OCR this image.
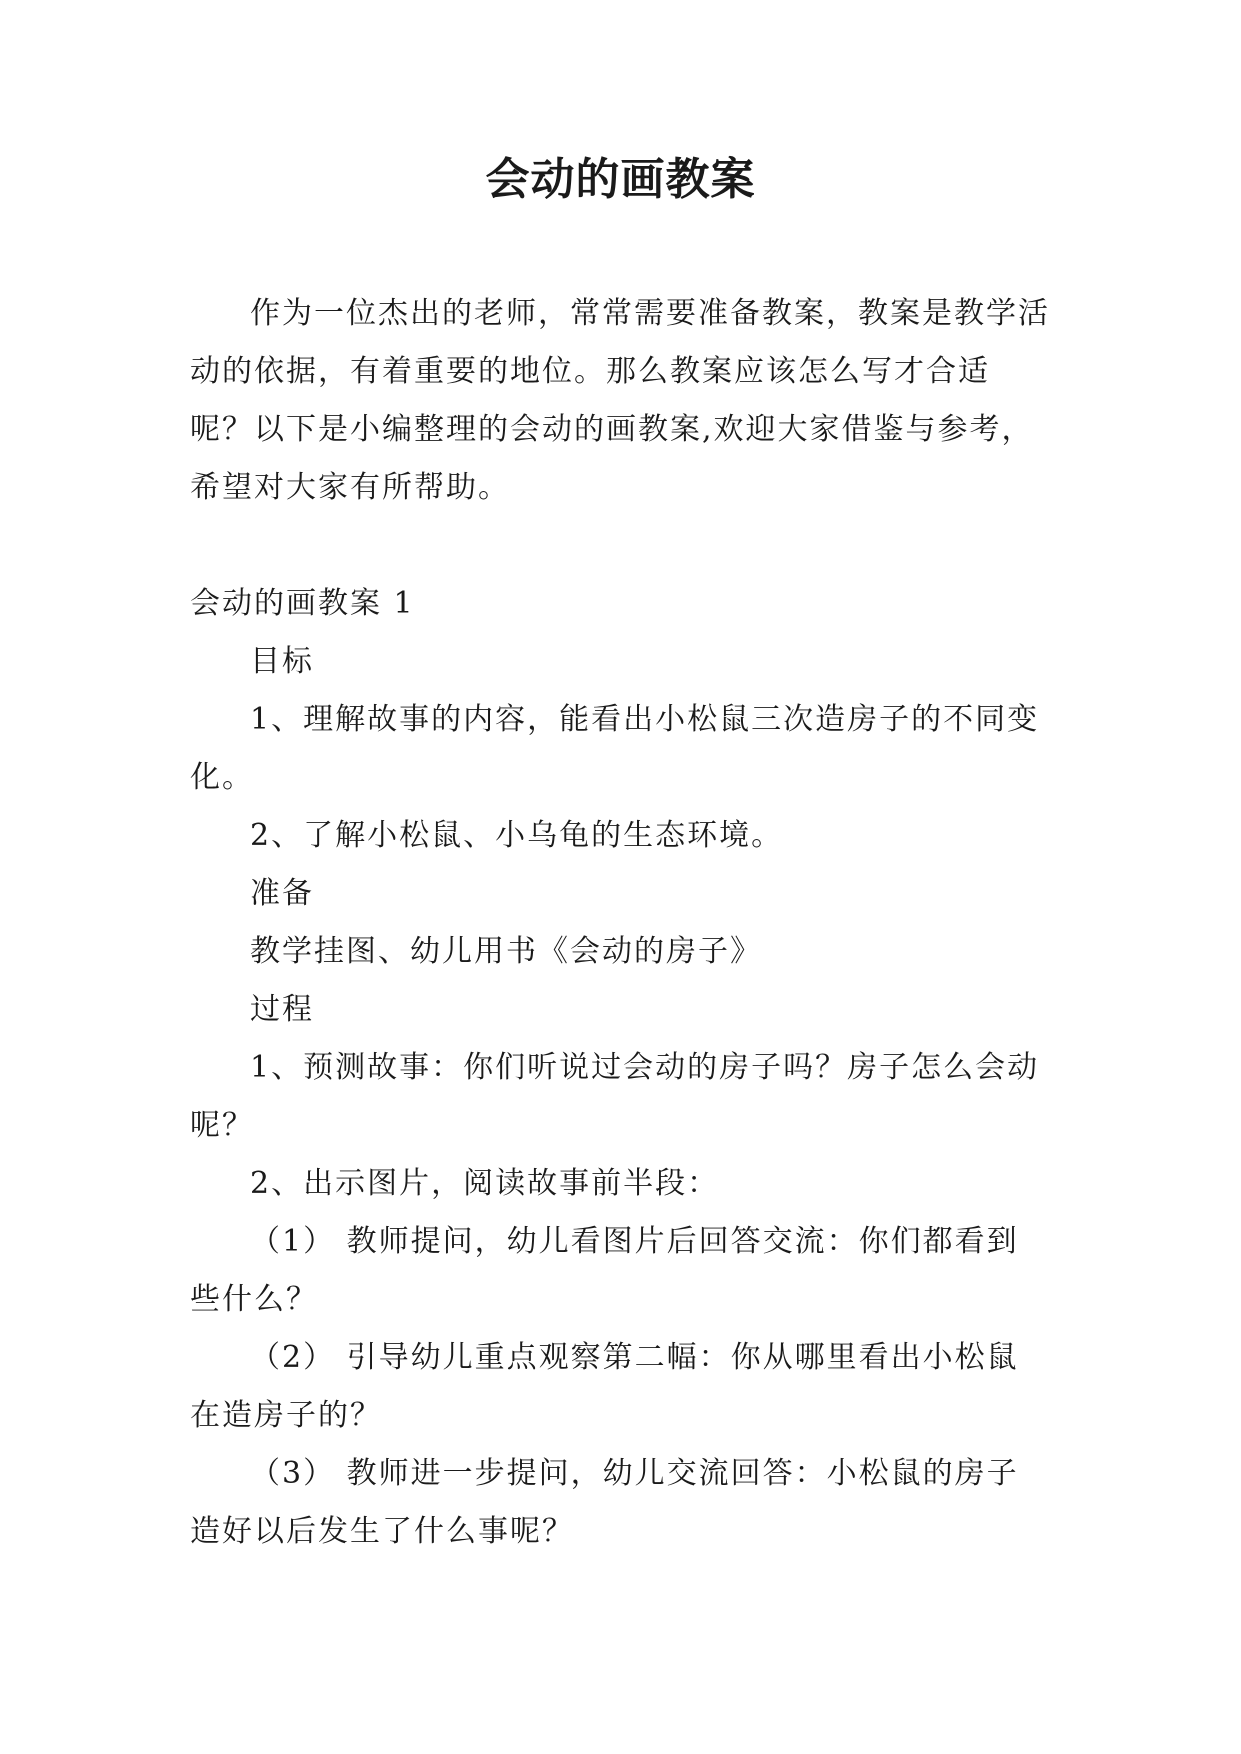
会动的画教案

作为一位杰出的老师，常常需要准备教案，教案是教学活动的依据，有着重要的地位。那么教案应该怎么写才合适呢？以下是小编整理的会动的画教案,欢迎大家借鉴与参考，希望对大家有所帮助。

会动的画教案 1

目标

1、理解故事的内容，能看出小松鼠三次造房子的不同变化。

2、了解小松鼠、小乌龟的生态环境。

准备

教学挂图、幼儿用书《会动的房子》

过程

1、预测故事：你们听说过会动的房子吗？房子怎么会动呢？

2、出示图片，阅读故事前半段：

（1） 教师提问，幼儿看图片后回答交流：你们都看到些什么？

（2） 引导幼儿重点观察第二幅：你从哪里看出小松鼠在造房子的？

（3） 教师进一步提问，幼儿交流回答：小松鼠的房子造好以后发生了什么事呢？
